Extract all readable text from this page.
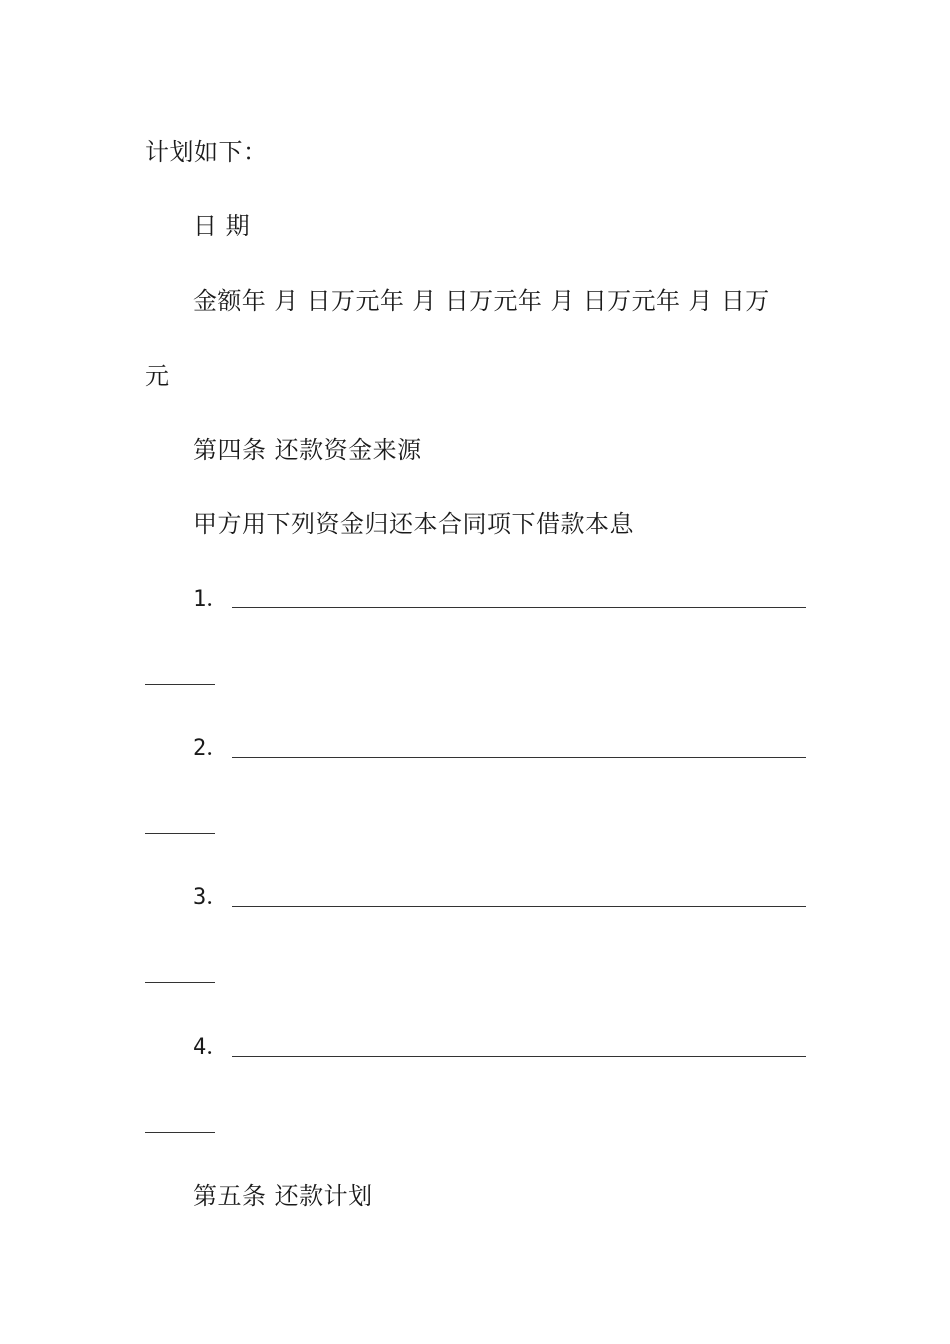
计划如下：
日 期
金额年 月 日万元年 月 日万元年 月 日万元年 月 日万
元
第四条 还款资金来源
甲方用下列资金归还本合同项下借款本息
1．
2．
3．
4．
第五条 还款计划
